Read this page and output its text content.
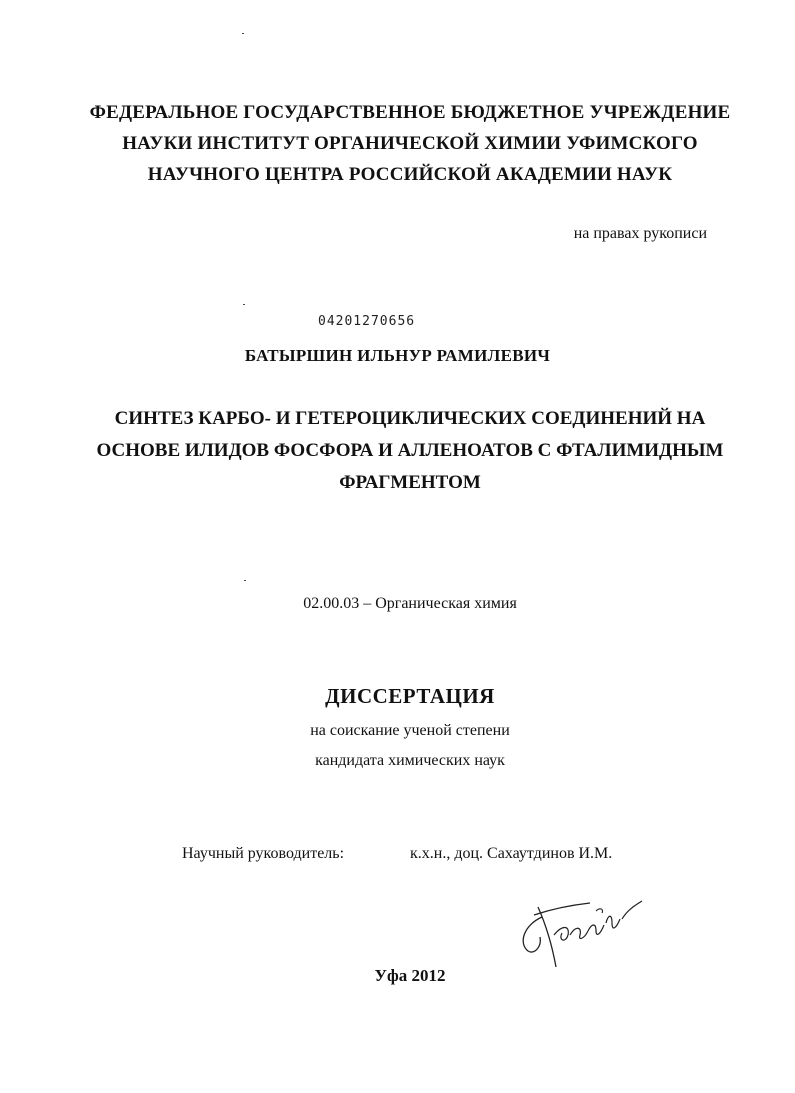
ФЕДЕРАЛЬНОЕ ГОСУДАРСТВЕННОЕ БЮДЖЕТНОЕ УЧРЕЖДЕНИЕ
НАУКИ ИНСТИТУТ ОРГАНИЧЕСКОЙ ХИМИИ УФИМСКОГО
НАУЧНОГО ЦЕНТРА РОССИЙСКОЙ АКАДЕМИИ НАУК
на правах рукописи
04201270656
БАТЫРШИН ИЛЬНУР РАМИЛЕВИЧ
СИНТЕЗ КАРБО- И ГЕТЕРОЦИКЛИЧЕСКИХ СОЕДИНЕНИЙ НА
ОСНОВЕ ИЛИДОВ ФОСФОРА И АЛЛЕНОАТОВ С ФТАЛИМИДНЫМ
ФРАГМЕНТОМ
02.00.03 – Органическая химия
ДИССЕРТАЦИЯ
на соискание ученой степени
кандидата химических наук
Научный руководитель:	к.х.н., доц. Сахаутдинов И.М.
Уфа 2012
